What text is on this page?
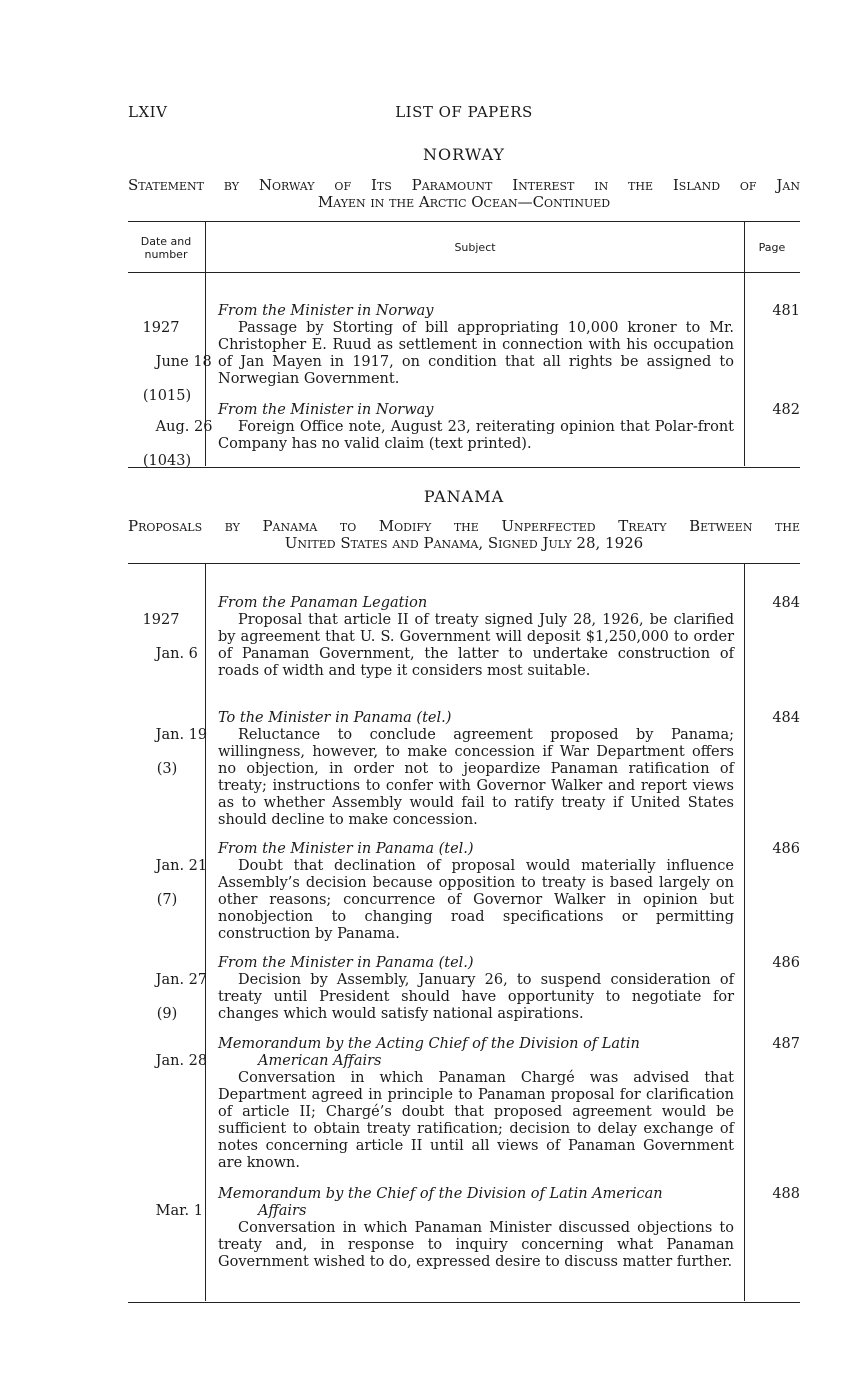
LXIV	LIST OF PAPERS
NORWAY
Statement by Norway of Its Paramount Interest in the Island of Jan
Mayen in the Arctic Ocean—Continued
Date and number
Subject	Page

1927

June 18

(1015)

From the Minister in Norway
Passage by Storting of bill appropriating 10,000 kroner to Mr. Christopher E. Ruud as settlement in connection with his occupation of Jan Mayen in 1917, on condition that all rights be assigned to Norwegian Government.
481

Aug. 26

(1043)

From the Minister in Norway
Foreign Office note, August 23, reiterating opinion that Polar-front Company has no valid claim (text printed).
482
PANAMA
Proposals by Panama to Modify the Unperfected Treaty Between the
United States and Panama, Signed July 28, 1926

1927

Jan. 6

From the Panaman Legation
Proposal that article II of treaty signed July 28, 1926, be clarified by agreement that U. S. Government will deposit $1,250,000 to order of Panaman Government, the latter to undertake construction of roads of width and type it considers most suitable.
484

Jan. 19

(3)

To the Minister in Panama (tel.)
Reluctance to conclude agreement proposed by Panama; willingness, however, to make concession if War Department offers no objection, in order not to jeopardize Panaman ratification of treaty; instructions to confer with Governor Walker and report views as to whether Assembly would fail to ratify treaty if United States should decline to make concession.
484

Jan. 21

(7)

From the Minister in Panama (tel.)
Doubt that declination of proposal would materially influence Assembly’s decision because opposition to treaty is based largely on other reasons; concurrence of Governor Walker in opinion but nonobjection to changing road specifications or permitting construction by Panama.
486

Jan. 27

(9)

From the Minister in Panama (tel.)
Decision by Assembly, January 26, to suspend consideration of treaty until President should have opportunity to negotiate for changes which would satisfy national aspirations.
486

Jan. 28

Memorandum by the Acting Chief of the Division of Latin
American Affairs
Conversation in which Panaman Chargé was advised that Department agreed in principle to Panaman proposal for clarification of article II; Chargé’s doubt that proposed agreement would be sufficient to obtain treaty ratification; decision to delay exchange of notes concerning article II until all views of Panaman Government are known.
487

Mar. 1

Memorandum by the Chief of the Division of Latin American
Affairs
Conversation in which Panaman Minister discussed objections to treaty and, in response to inquiry concerning what Panaman Government wished to do, expressed desire to discuss matter further.
488
